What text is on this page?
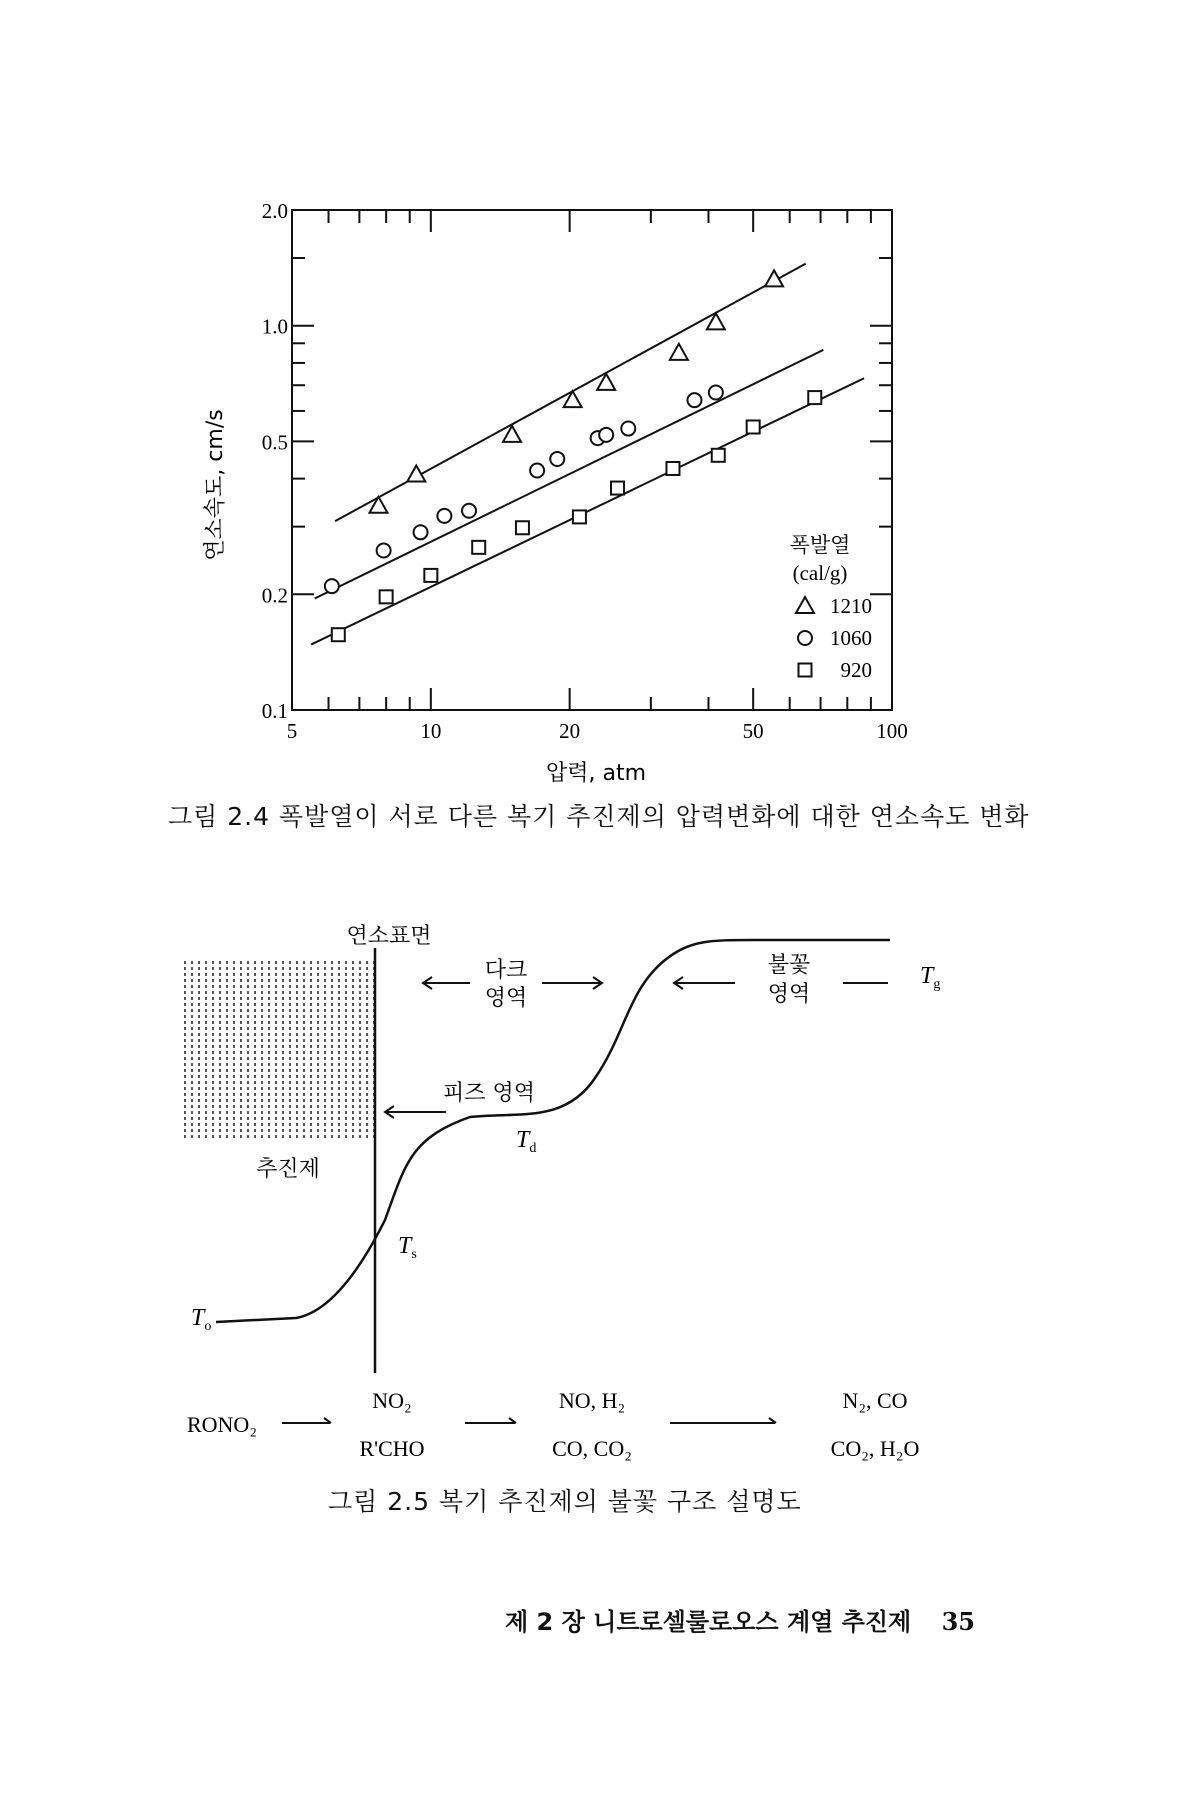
5	10	20	50	100
0.1
0.2
0.5
1.0
2.0
폭발열
(cal/g)
1210
1060
920
압력, atm
연소속도, cm/s
그림 2.4 폭발열이 서로 다른 복기 추진제의 압력변화에 대한 연소속도 변화
연소표면
다크
영역
불꽃
영역
피즈 영역
추진제
$T_o$
$T_s$
$T_d$
$T_g$
RONO₂
NO₂
R'CHO
NO, H₂
CO, CO₂
N₂, CO
CO₂, H₂O
그림 2.5 복기 추진제의 불꽃 구조 설명도
제 2 장 니트로셀룰로오스 계열 추진제 35
